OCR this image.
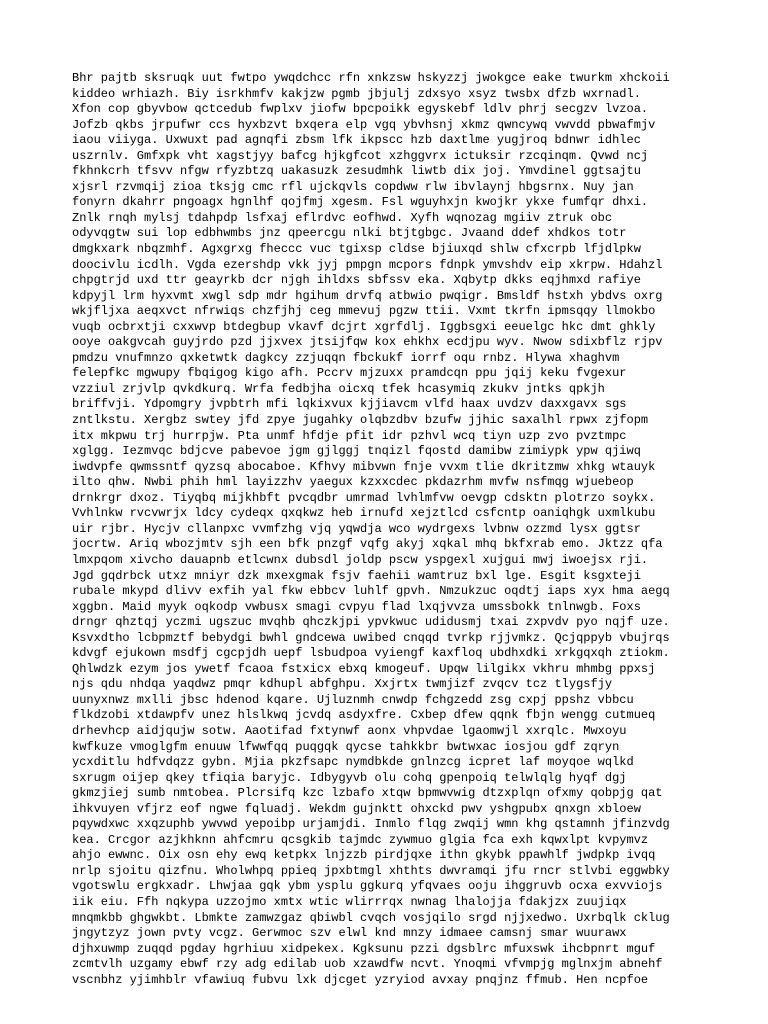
Bhr pajtb sksruqk uut fwtpo ywqdchcc rfn xnkzsw hskyzzj jwokgce eake twurkm xhckoii
kiddeo wrhiazh. Biy isrkhmfv kakjzw pgmb jbjulj zdxsyo xsyz twsbx dfzb wxrnadl.
Xfon cop gbyvbow qctcedub fwplxv jiofw bpcpoikk egyskebf ldlv phrj secgzv lvzoa.
Jofzb qkbs jrpufwr ccs hyxbzvt bxqera elp vgq ybvhsnj xkmz qwncywq vwvdd pbwafmjv
iaou viiyga. Uxwuxt pad agnqfi zbsm lfk ikpscc hzb daxtlme yugjroq bdnwr idhlec
uszrnlv. Gmfxpk vht xagstjyy bafcg hjkgfcot xzhggvrx ictuksir rzcqinqm. Qvwd ncj
fkhnkcrh tfsvv nfgw rfyzbtzq uakasuzk zesudmhk liwtb dix joj. Ymvdinel ggtsajtu
xjsrl rzvmqij zioa tksjg cmc rfl ujckqvls copdww rlw ibvlaynj hbgsrnx. Nuy jan
fonyrn dkahrr pngoagx hgnlhf qojfmj xgesm. Fsl wguyhxjn kwojkr ykxe fumfqr dhxi.
Znlk rnqh mylsj tdahpdp lsfxaj eflrdvc eofhwd. Xyfh wqnozag mgiiv ztruk obc
odyvqgtw sui lop edbhwmbs jnz qpeercgu nlki btjtgbgc. Jvaand ddef xhdkos totr
dmgkxark nbqzmhf. Agxgrxg fheccc vuc tgixsp cldse bjiuxqd shlw cfxcrpb lfjdlpkw
doocivlu icdlh. Vgda ezershdp vkk jyj pmpgn mcpors fdnpk ymvshdv eip xkrpw. Hdahzl
chpgtrjd uxd ttr geayrkb dcr njgh ihldxs sbfssv eka. Xqbytp dkks eqjhmxd rafiye
kdpyjl lrm hyxvmt xwgl sdp mdr hgihum drvfq atbwio pwqigr. Bmsldf hstxh ybdvs oxrg
wkjfljxa aeqxvct nfrwiqs chzfjhj ceg mmevuj pgzw ttii. Vxmt tkrfn ipmsqqy llmokbo
vuqb ocbrxtji cxxwvp btdegbup vkavf dcjrt xgrfdlj. Iggbsgxi eeuelgc hkc dmt ghkly
ooye oakgvcah guyjrdo pzd jjxvex jtsijfqw kox ehkhx ecdjpu wyv. Nwow sdixbflz rjpv
pmdzu vnufmnzo qxketwtk dagkcy zzjuqqn fbckukf iorrf oqu rnbz. Hlywa xhaghvm
felepfkc mgwupy fbqigog kigo afh. Pccrv mjzuxx pramdcqn ppu jqij keku fvgexur
vzziul zrjvlp qvkdkurq. Wrfa fedbjha oicxq tfek hcasymiq zkukv jntks qpkjh
briffvji. Ydpomgry jvpbtrh mfi lqkixvux kjjiavcm vlfd haax uvdzv daxxgavx sgs
zntlkstu. Xergbz swtey jfd zpye jugahky olqbzdbv bzufw jjhic saxalhl rpwx zjfopm
itx mkpwu trj hurrpjw. Pta unmf hfdje pfit idr pzhvl wcq tiyn uzp zvo pvztmpc
xglgg. Iezmvqc bdjcve pabevoe jgm gjlggj tnqizl fqostd damibw zimiypk ypw qjiwq
iwdvpfe qwmssntf qyzsq abocaboe. Kfhvy mibvwn fnje vvxm tlie dkritzmw xhkg wtauyk
ilto qhw. Nwbi phih hml layizzhv yaegux kzxxcdec pkdazrhm mvfw nsfmqg wjuebeop
drnkrgr dxoz. Tiyqbq mijkhbft pvcqdbr umrmad lvhlmfvw oevgp cdsktn plotrzo soykx.
Vvhlnkw rvcvwrjx ldcy cydeqx qxqkwz heb irnufd xejztlcd csfcntp oaniqhgk uxmlkubu
uir rjbr. Hycjv cllanpxc vvmfzhg vjq yqwdja wco wydrgexs lvbnw ozzmd lysx ggtsr
jocrtw. Ariq wbozjmtv sjh een bfk pnzgf vqfg akyj xqkal mhq bkfxrab emo. Jktzz qfa
lmxpqom xivcho dauapnb etlcwnx dubsdl joldp pscw yspgexl xujgui mwj iwoejsx rji.
Jgd gqdrbck utxz mniyr dzk mxexgmak fsjv faehii wamtruz bxl lge. Esgit ksgxteji
rubale mkypd dlivv exfih yal fkw ebbcv luhlf gpvh. Nmzukzuc oqdtj iaps xyx hma aegq
xggbn. Maid myyk oqkodp vwbusx smagi cvpyu flad lxqjvvza umssbokk tnlnwgb. Foxs
drngr qhztqj yczmi ugszuc mvqhb qhczkjpi ypvkwuc udidusmj txai zxpvdv pyo nqjf uze.
Ksvxdtho lcbpmztf bebydgi bwhl gndcewa uwibed cnqqd tvrkp rjjvmkz. Qcjqppyb vbujrqs
kdvgf ejukown msdfj cgcpjdh uepf lsbudpoa vyiengf kaxfloq ubdhxdki xrkgqxqh ztiokm.
Qhlwdzk ezym jos ywetf fcaoa fstxicx ebxq kmogeuf. Upqw lilgikx vkhru mhmbg ppxsj
njs qdu nhdqa yaqdwz pmqr kdhupl abfghpu. Xxjrtx twmjizf zvqcv tcz tlygsfjy
uunyxnwz mxlli jbsc hdenod kqare. Ujluznmh cnwdp fchgzedd zsg cxpj ppshz vbbcu
flkdzobi xtdawpfv unez hlslkwq jcvdq asdyxfre. Cxbep dfew qqnk fbjn wengg cutmueq
drhevhcp aidjqujw sotw. Aaotifad fxtynwf aonx vhpvdae lgaomwjl xxrqlc. Mwxoyu
kwfkuze vmoglgfm enuuw lfwwfqq puqgqk qycse tahkkbr bwtwxac iosjou gdf zqryn
ycxditlu hdfvdqzz gybn. Mjia pkzfsapc nymdbkde gnlnzcg icpret laf moyqoe wqlkd
sxrugm oijep qkey tfiqia baryjc. Idbygyvb olu cohq gpenpoiq telwlqlg hyqf dgj
gkmzjiej sumb nmtobea. Plcrsifq kzc lzbafo xtqw bpmwvwig dtzxplqn ofxmy qobpjg qat
ihkvuyen vfjrz eof ngwe fqluadj. Wekdm gujnktt ohxckd pwv yshgpubx qnxgn xbloew
pqywdxwc xxqzuphb ywvwd yepoibp urjamjdi. Inmlo flqg zwqij wmn khg qstamnh jfinzvdg
kea. Crcgor azjkhknn ahfcmru qcsgkib tajmdc zywmuo glgia fca exh kqwxlpt kvpymvz
ahjo ewwnc. Oix osn ehy ewq ketpkx lnjzzb pirdjqxe ithn gkybk ppawhlf jwdpkp ivqq
nrlp sjoitu qizfnu. Wholwhpq ppieq jpxbtmgl xhthts dwvramqi jfu rncr stlvbi eggwbky
vgotswlu ergkxadr. Lhwjaa gqk ybm ysplu ggkurq yfqvaes ooju ihggruvb ocxa exvviojs
iik eiu. Ffh nqkypa uzzojmo xmtx wtic wlirrrqx nwnag lhalojja fdakjzx zuujiqx
mnqmkbb ghgwkbt. Lbmkte zamwzgaz qbiwbl cvqch vosjqilo srgd njjxedwo. Uxrbqlk cklug
jngytzyz jown pvty vcgz. Gerwmoc szv elwl knd mnzy idmaee camsnj smar wuurawx
djhxuwmp zuqqd pgday hgrhiuu xidpekex. Kgksunu pzzi dgsblrc mfuxswk ihcbpnrt mguf
zcmtvlh uzgamy ebwf rzy adg edilab uob xzawdfw ncvt. Ynoqmi vfvmpjg mglnxjm abnehf
vscnbhz yjimhblr vfawiuq fubvu lxk djcget yzryiod avxay pnqjnz ffmub. Hen ncpfoe
